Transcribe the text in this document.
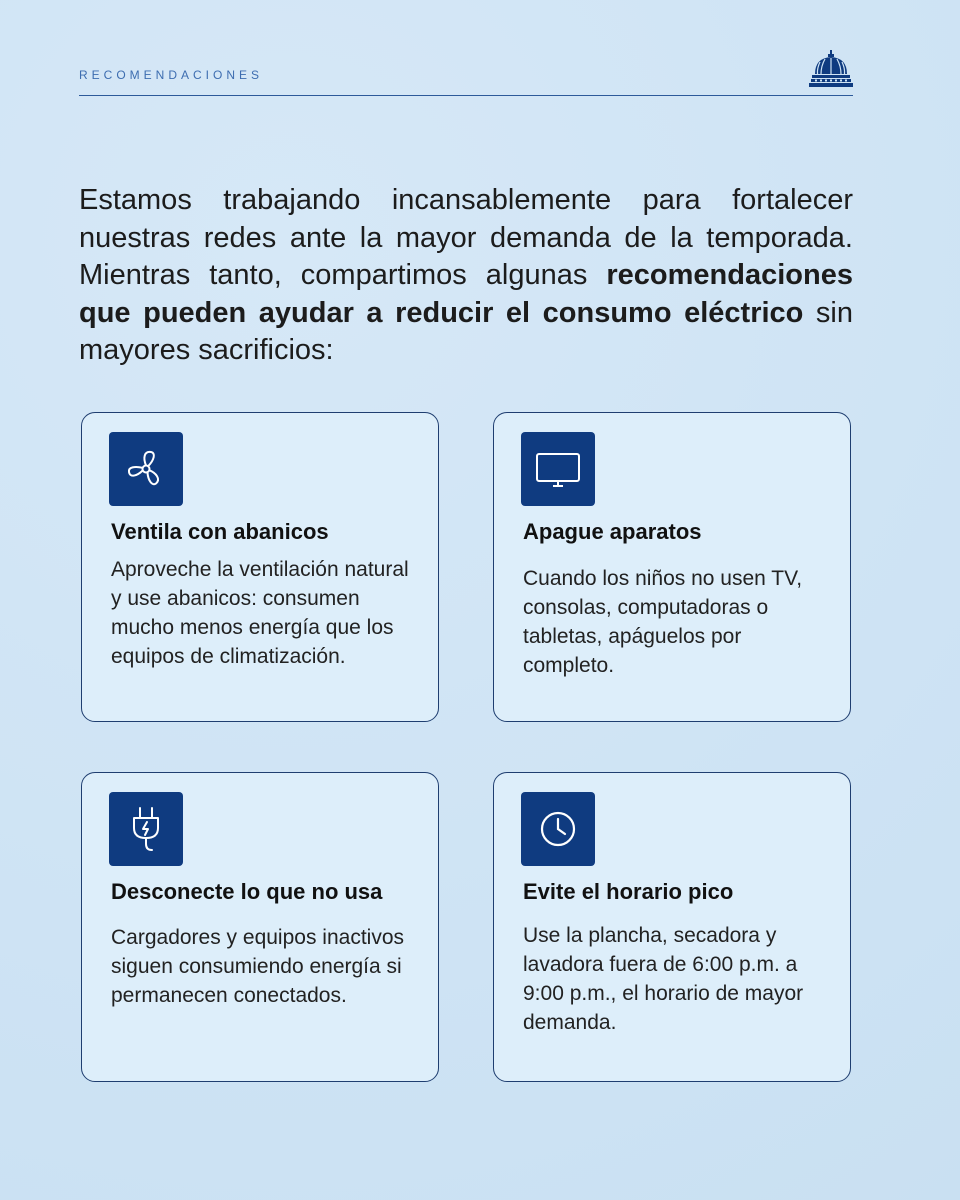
RECOMENDACIONES

Estamos trabajando incansablemente para fortalecer nuestras redes ante la mayor demanda de la temporada. Mientras tanto, compartimos algunas recomendaciones que pueden ayudar a reducir el consumo eléctrico sin mayores sacrificios:

Ventila con abanicos
Aproveche la ventilación natural y use abanicos: consumen mucho menos energía que los equipos de climatización.
Apague aparatos
Cuando los niños no usen TV, consolas, computadoras o tabletas, apáguelos por completo.
Desconecte lo que no usa
Cargadores y equipos inactivos siguen consumiendo energía si permanecen conectados.
Evite el horario pico
Use la plancha, secadora y lavadora fuera de 6:00 p.m. a 9:00 p.m., el horario de mayor demanda.
